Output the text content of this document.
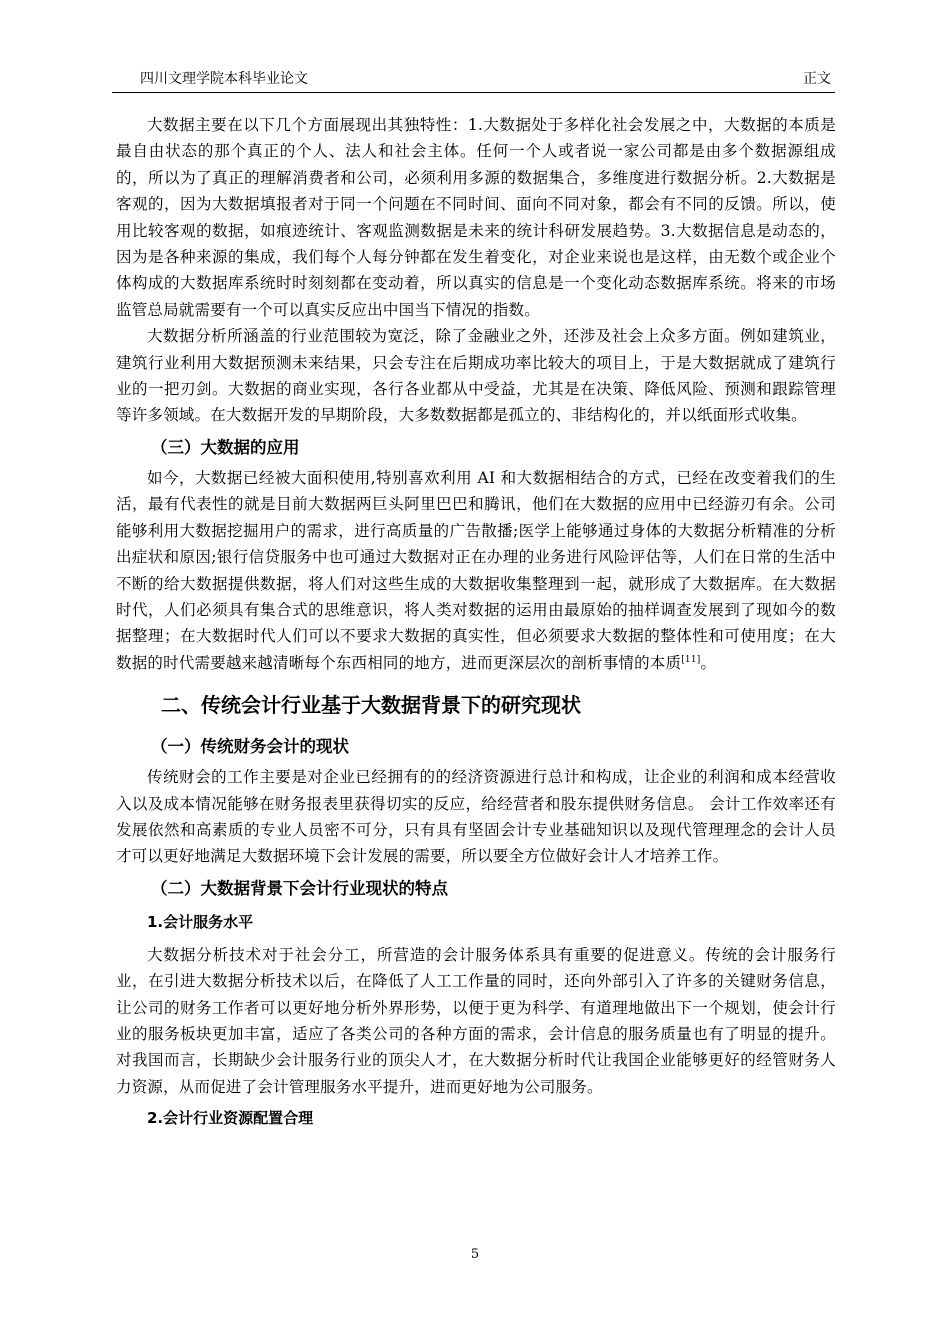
四川文理学院本科毕业论文	正文

大数据主要在以下几个方面展现出其独特性：1.大数据处于多样化社会发展之中，大数据的本质是最自由状态的那个真正的个人、法人和社会主体。任何一个人或者说一家公司都是由多个数据源组成的，所以为了真正的理解消费者和公司，必须利用多源的数据集合，多维度进行数据分析。2.大数据是客观的，因为大数据填报者对于同一个问题在不同时间、面向不同对象，都会有不同的反馈。所以，使用比较客观的数据，如痕迹统计、客观监测数据是未来的统计科研发展趋势。3.大数据信息是动态的，因为是各种来源的集成，我们每个人每分钟都在发生着变化，对企业来说也是这样，由无数个或企业个体构成的大数据库系统时时刻刻都在变动着，所以真实的信息是一个变化动态数据库系统。将来的市场监管总局就需要有一个可以真实反应出中国当下情况的指数。

大数据分析所涵盖的行业范围较为宽泛，除了金融业之外，还涉及社会上众多方面。例如建筑业，建筑行业利用大数据预测未来结果，只会专注在后期成功率比较大的项目上，于是大数据就成了建筑行业的一把刃剑。大数据的商业实现，各行各业都从中受益，尤其是在决策、降低风险、预测和跟踪管理等许多领域。在大数据开发的早期阶段，大多数数据都是孤立的、非结构化的，并以纸面形式收集。

（三）大数据的应用

如今，大数据已经被大面积使用,特别喜欢利用 AI 和大数据相结合的方式，已经在改变着我们的生活，最有代表性的就是目前大数据两巨头阿里巴巴和腾讯，他们在大数据的应用中已经游刃有余。公司能够利用大数据挖掘用户的需求，进行高质量的广告散播;医学上能够通过身体的大数据分析精准的分析出症状和原因;银行信贷服务中也可通过大数据对正在办理的业务进行风险评估等，人们在日常的生活中不断的给大数据提供数据，将人们对这些生成的大数据收集整理到一起，就形成了大数据库。在大数据时代，人们必须具有集合式的思维意识，将人类对数据的运用由最原始的抽样调查发展到了现如今的数据整理；在大数据时代人们可以不要求大数据的真实性，但必须要求大数据的整体性和可使用度；在大数据的时代需要越来越清晰每个东西相同的地方，进而更深层次的剖析事情的本质[11]。

二、传统会计行业基于大数据背景下的研究现状
（一）传统财务会计的现状

传统财会的工作主要是对企业已经拥有的的经济资源进行总计和构成，让企业的利润和成本经营收入以及成本情况能够在财务报表里获得切实的反应，给经营者和股东提供财务信息。 会计工作效率还有发展依然和高素质的专业人员密不可分，只有具有坚固会计专业基础知识以及现代管理理念的会计人员才可以更好地满足大数据环境下会计发展的需要，所以要全方位做好会计人才培养工作。

（二）大数据背景下会计行业现状的特点
1.会计服务水平

大数据分析技术对于社会分工，所营造的会计服务体系具有重要的促进意义。传统的会计服务行业，在引进大数据分析技术以后，在降低了人工工作量的同时，还向外部引入了许多的关键财务信息，让公司的财务工作者可以更好地分析外界形势，以便于更为科学、有道理地做出下一个规划，使会计行业的服务板块更加丰富，适应了各类公司的各种方面的需求，会计信息的服务质量也有了明显的提升。对我国而言，长期缺少会计服务行业的顶尖人才，在大数据分析时代让我国企业能够更好的经管财务人力资源，从而促进了会计管理服务水平提升，进而更好地为公司服务。

2.会计行业资源配置合理
5
